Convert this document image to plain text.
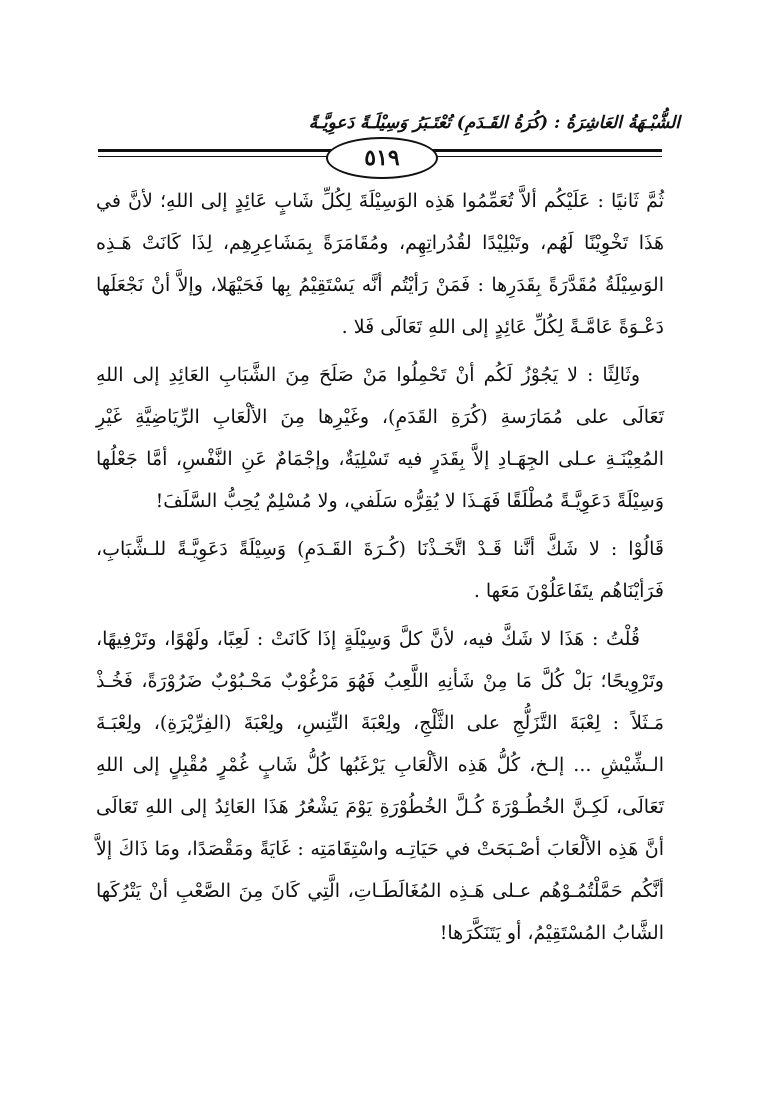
الشُّبْـهَةُ العَاشِرَةُ : (كُرَةُ القَـدَمِ) تُعْتَـبَرُ وَسِيْلَـةً دَعوِيَّـةً
٥١٩

ثُمَّ ثَانيًا : عَلَيْكُم ألاَّ تُعَمِّمُوا هَذِه الوَسِيْلَةَ لِكُلِّ شَابٍ عَائِدٍ إلى اللهِ؛ لأنَّ في هَذَا تَخْوِيْنًا لَهُم، وتَبْلِيْدًا لقُدُراتِهِم، ومُقَامَرَةً بِمَشَاعِرِهِم، لِذَا كَانَتْ هَـذِه الوَسِيْلَةُ مُقَدَّرَةً بِقَدَرِها : فَمَنْ رَأيْتُم أنَّه يَسْتَقِيْمُ بِها فَحَيْهَلا، وإلاَّ أنْ نَجْعَلَها دَعْـوَةً عَامَّـةً لِكُلِّ عَائِدٍ إلى اللهِ تَعَالَى فَلا .

وثَالِثًا : لا يَجُوْزُ لَكُم أنْ تَحْمِلُوا مَنْ صَلَحَ مِنَ الشَّبَابِ العَائِدِ إلى اللهِ تَعَالَى على مُمَارَسةِ (كُرَةِ القَدَمِ)، وغَيْرِها مِنَ الألْعَابِ الرِّيَاضِيَّةِ غَيْرِ المُعِيْنَـةِ عـلى الجِهَـادِ إلاَّ بِقَدَرٍ فيه تَسْلِيَةٌ، وإجْمَامٌ عَنِ النَّفْسِ، أمَّا جَعْلُها وَسِيْلَةً دَعَوِيَّـةً مُطْلَقًا فَهَـذَا لا يُقِرُّه سَلَفي، ولا مُسْلِمٌ يُحِبُّ السَّلَفَ!

قَالُوْا : لا شَكَّ أنَّنا قَـدْ اتَّخَـذْنَا (كُـرَةَ القَـدَمِ) وَسِيْلَةً دَعَوِيَّـةً للـشَّبَابِ، فَرَأيْنَاهُم يتَفَاعَلُوْنَ مَعَها .

قُلْتُ : هَذَا لا شَكَّ فيه، لأنَّ كلَّ وَسِيْلَةٍ إذَا كَانَتْ : لَعِبًا، ولَهْوًا، وتَرْفِيهًا، وتَرْوِيحًا؛ بَلْ كُلَّ مَا مِنْ شَأنِهِ اللَّعِبُ فَهُوَ مَرْغُوْبٌ مَحْـبُوْبٌ ضَرُوْرَةً، فَخُـذْ مَـثَلاً : لِعْبَةَ التَّزَلُّجِ على الثَّلْجِ، ولِعْبَةَ التِّنِسِ، ولِعْبَةَ (الفِرِّيْرَةِ)، ولِعْبَـةَ الـشِّيْشِ ... إلـخ، كُلُّ هَذِه الألْعَابِ يَرْغَبُها كُلُّ شَابٍ غُمْرٍ مُقْبِلٍ إلى اللهِ تَعَالَى، لَكِـنَّ الخُطُـوْرَةَ كُـلَّ الخُطُوْرَةِ يَوْمَ يَشْعُرُ هَذَا العَائِدُ إلى اللهِ تَعَالَى أنَّ هَذِه الألْعَابَ أصْـبَحَتْ في حَيَاتِـه واسْتِقَامَتِه : غَايَةً ومَقْصَدًا، ومَا ذَاكَ إلاَّ أنَّكُم حَمَّلْتُمُـوْهُم عـلى هَـذِه المُغَالَطَـاتِ، الَّتِي كَانَ مِنَ الصَّعْبِ أنْ يَتْرُكَها الشَّابُ المُسْتَقِيْمُ، أو يَتَنَكَّرَها!
